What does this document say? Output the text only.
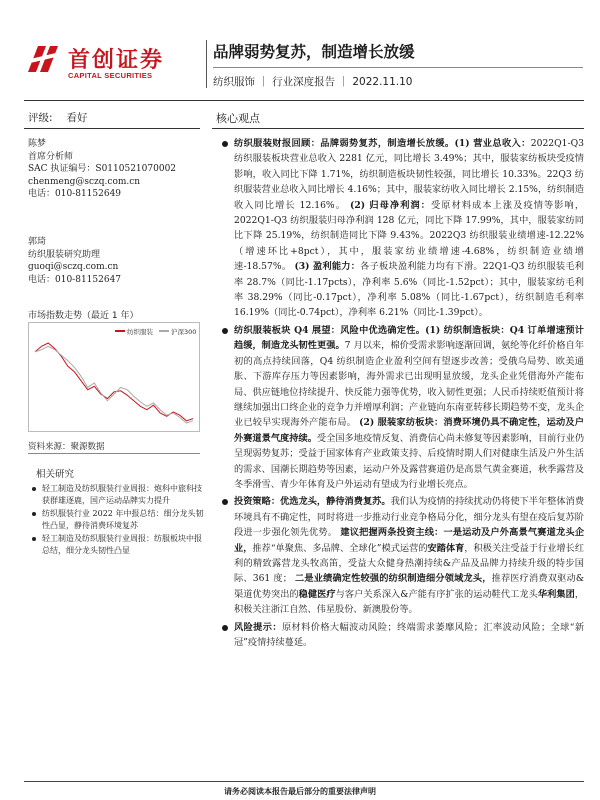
首创证券
CAPITAL SECURITIES
品牌弱势复苏，制造增长放缓
纺织服饰 ｜ 行业深度报告 ｜ 2022.11.10
评级: 看好	核心观点
陈梦
首席分析师
SAC 执证编号：S0110521070002
chenmeng@sczq.com.cn
电话：010-81152649
郭琦
纺织服装研究助理
guoqi@sczq.com.cn
电话：010-81152647
市场指数走势（最近 1 年）
纺织服装	沪深300
资料来源：聚源数据
相关研究
轻工制造及纺织服装行业周报：炮科中旅科技获群雄逐鹿，国产运动品牌实力提升
纺织服装行业 2022 年中报总结：细分龙头韧性凸显，静待消费环境复苏
轻工制造及纺织服装行业周报：纺服板块中报总结，细分龙头韧性凸显
纺织服装财报回顾：品牌弱势复苏，制造增长放缓。(1) 营业总收入：2022Q1-Q3 纺织服装板块营业总收入 2281 亿元，同比增长 3.49%；其中，服装家纺板块受疫情影响，收入同比下降 1.71%，纺织制造板块韧性较强，同比增长 10.33%。22Q3 纺织服装营业总收入同比增长 4.16%；其中，服装家纺收入同比增长 2.15%，纺织制造收入同比增长 12.16%。 (2) 归母净利润：受原材料成本上涨及疫情等影响，2022Q1-Q3 纺织服装归母净利润 128 亿元，同比下降 17.99%，其中，服装家纺同比下降 25.19%，纺织制造同比下降 9.43%。2022Q3 纺织服装业绩增速-12.22%（增速环比+8pct），其中，服装家纺业绩增速-4.68%，纺织制造业绩增速-18.57%。 (3) 盈利能力：各子板块盈利能力均有下滑。22Q1-Q3 纺织服装毛利率 28.7%（同比-1.17pcts），净利率 5.6%（同比-1.52pct）；其中，服装家纺毛利率 38.29%（同比-0.17pct），净利率 5.08%（同比-1.67pct），纺织制造毛利率 16.19%（同比-0.74pct），净利率 6.21%（同比-1.39pct）。
纺织服装板块 Q4 展望：风险中优选确定性。(1) 纺织制造板块：Q4 订单增速预计趋缓，制造龙头韧性更强。7 月以来，棉价受需求影响逐渐回调，氨纶等化纤价格自年初的高点持续回落，Q4 纺织制造企业盈利空间有望逐步改善；受俄乌局势、欧美通胀、下游库存压力等因素影响，海外需求已出现明显放缓，龙头企业凭借海外产能布局、供应链地位持续提升、快反能力强等优势，收入韧性更强；人民币持续贬值预计将继续加强出口终企业的竞争力并增厚利润；产业链向东南亚转移长期趋势不变，龙头企业已较早实现海外产能布局。 (2) 服装家纺板块：消费环境仍具不确定性，运动及户外赛道景气度持续。受全国多地疫情反复、消费信心尚未修复等因素影响，目前行业仍呈现弱势复苏；受益于国家体育产业政策支持、后疫情时期人们对健康生活及户外生活的需求、国潮长期趋势等因素，运动户外及露营赛道仍是高景气黄金赛道，秋季露营及冬季滑雪、青少年体育及户外运动有望成为行业增长亮点。
投资策略：优选龙头，静待消费复苏。我们认为疫情的持续扰动仍将使下半年整体消费环境具有不确定性，同时将进一步推动行业竞争格局分化，细分龙头有望在疫后复苏阶段进一步强化领先优势。 建议把握两条投资主线：一是运动及户外高景气赛道龙头企业，推荐“单聚焦、多品牌、全球化”模式运营的安踏体育，积极关注受益于行业增长红利的精致露营龙头牧高笛，受益大众健身热潮持续&产品及品牌力持续升级的特步国际、361 度； 二是业绩确定性较强的纺织制造细分领域龙头，推荐医疗消费双驱动&渠道优势突出的稳健医疗与客户关系深入&产能有序扩张的运动鞋代工龙头华利集团，积极关注浙江自然、伟星股份、新澳股份等。
风险提示：原材料价格大幅波动风险；终端需求萎靡风险；汇率波动风险；全球“新冠”疫情持续蔓延。
请务必阅读本报告最后部分的重要法律声明
